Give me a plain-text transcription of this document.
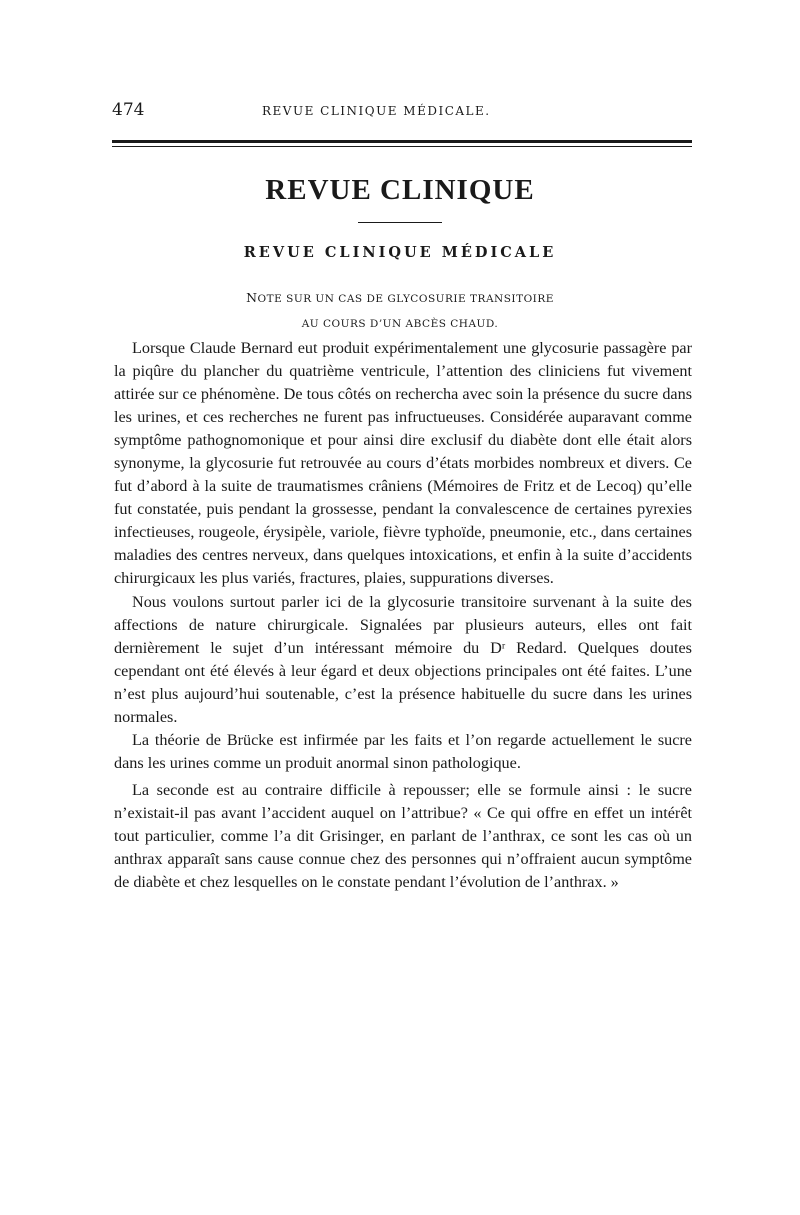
474	REVUE CLINIQUE MÉDICALE.
REVUE CLINIQUE
REVUE CLINIQUE MÉDICALE
NOTE SUR UN CAS DE GLYCOSURIE TRANSITOIRE
AU COURS D’UN ABCÈS CHAUD.

Lorsque Claude Bernard eut produit expérimentalement une glycosurie passagère par la piqûre du plancher du quatrième ventricule, l’attention des cliniciens fut vivement attirée sur ce phénomène. De tous côtés on rechercha avec soin la présence du sucre dans les urines, et ces recherches ne furent pas infructueuses. Considérée auparavant comme symptôme pathognomonique et pour ainsi dire exclusif du diabète dont elle était alors synonyme, la glycosurie fut retrouvée au cours d’états morbides nombreux et divers. Ce fut d’abord à la suite de traumatismes crâniens (Mémoires de Fritz et de Lecoq) qu’elle fut constatée, puis pendant la grossesse, pendant la convalescence de certaines pyrexies infectieuses, rougeole, érysipèle, variole, fièvre typhoïde, pneumonie, etc., dans certaines maladies des centres nerveux, dans quelques intoxications, et enfin à la suite d’accidents chirurgicaux les plus variés, fractures, plaies, suppurations diverses.

Nous voulons surtout parler ici de la glycosurie transitoire survenant à la suite des affections de nature chirurgicale. Signalées par plusieurs auteurs, elles ont fait dernièrement le sujet d’un intéressant mémoire du Dʳ Redard. Quelques doutes cependant ont été élevés à leur égard et deux objections principales ont été faites. L’une n’est plus aujourd’hui soutenable, c’est la présence habituelle du sucre dans les urines normales.

La théorie de Brücke est infirmée par les faits et l’on regarde actuellement le sucre dans les urines comme un produit anormal sinon pathologique.

La seconde est au contraire difficile à repousser; elle se formule ainsi : le sucre n’existait-il pas avant l’accident auquel on l’attribue? « Ce qui offre en effet un intérêt tout particulier, comme l’a dit Grisinger, en parlant de l’anthrax, ce sont les cas où un anthrax apparaît sans cause connue chez des personnes qui n’offraient aucun symptôme de diabète et chez lesquelles on le constate pendant l’évolution de l’anthrax. »
